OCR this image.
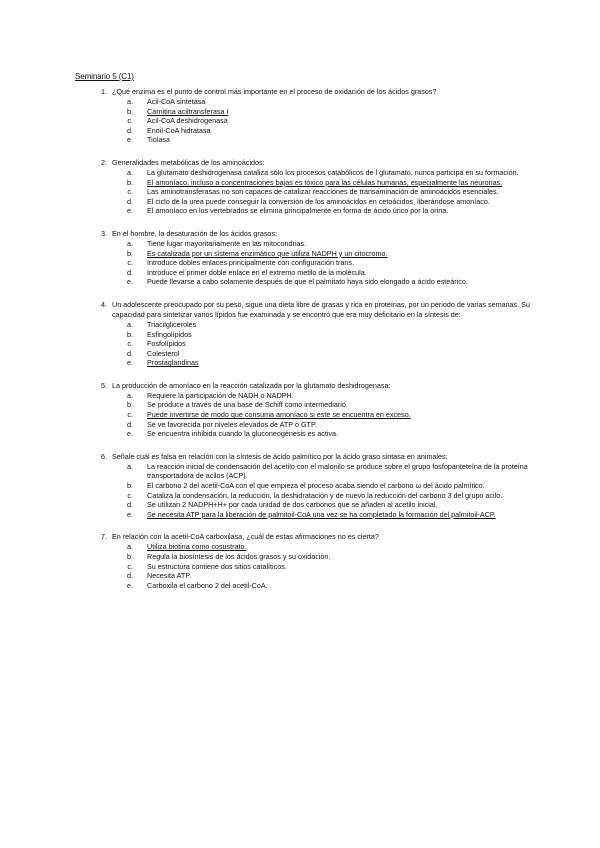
Seminario 5 (C1)
1. ¿Qué enzima es el punto de control más importante en el proceso de oxidación de los ácidos grasos?
a.	Acil-CoA sintetasa
b.	Carnitina aciltransferasa I
c.	Acil-CoA deshidrogenasa
d.	Enoil-CoA hidratasa
e.	Tiolasa
2. Generalidades metabólicas de los aminoácidos:
a.	La glutamato deshidrogenasa cataliza sólo los procesos catabólicos de l glutamato, nunca participa en su formación.
b.	El amoníaco, incluso a concentraciones bajas es tóxico para las células humanas, especialmente las neuronas.
c.	Las aminotransferasas no son capaces de catalizar reacciones de transaminación de aminoácidos esenciales.
d.	El ciclo de la urea puede conseguir la conversión de los aminoácidos en cetoácidos, liberándose amoníaco.
e.	El amoníaco en los vertebrados se elimina principalmente en forma de ácido úrico por la orina.
3. En el hombre, la desaturación de los ácidos grasos:
a.	Tiene lugar mayoritariamente en las mitocondrias.
b.	Es catalizada por un sistema enzimático que utiliza NADPH y un citocromo.
c.	Introduce dobles enlaces principalmente con configuración trans.
d.	Introduce el primer doble enlace en el extremo metilo de la molécula.
e.	Puede llevarse a cabo solamente después de que el palmitato haya sido elongado a ácido esteárico.
4. Un adolescente preocupado por su peso, sigue una dieta libre de grasas y rica en proteínas, por un periodo de varias semanas. Su capacidad para sintetizar varios lípidos fue examinada y se encontró que era muy deficitario en la síntesis de:
a.	Triacilgliceroles
b.	Esfingolípidos
c.	Fosfolípidos
d.	Colesterol
e.	Prostaglandinas
5. La producción de amoníaco en la reacción catalizada por la glutamato deshidrogenasa:
a.	Requiere la participación de NADH o NADPH.
b.	Se produce a través de una base de Schiff como intermediario.
c.	Puede invertirse de modo que consuma amoníaco si este se encuentra en exceso.
d.	Se ve favorecida por niveles elevados de ATP o GTP.
e.	Se encuentra inhibida cuando la gluconeogénesis es activa.
6. Señale cuál es falsa en relación con la síntesis de ácido palmítico por la ácido graso sintasa en animales:
a.	La reacción inicial de condensación del acetilo con el malonilo se produce sobre el grupo fosfopanteteína de la proteína transportadora de acilos (ACP).
b.	El carbono 2 del acetil-CoA con el que empieza el proceso acaba siendo el carbono ω del ácido palmítico.
c.	Cataliza la condensación, la reducción, la deshidratación y de nuevo la reducción del carbono 3 del grupo acilo.
d.	Se utilizan 2 NADPH+H+ por cada unidad de dos carbonos que se añaden al acetilo inicial.
e.	Se necesita ATP para la liberación de palmitoil-CoA una vez se ha completado la formación del palmitoil-ACP.
7. En relación con la acetil-CoA carboxilasa, ¿cuál de estas afirmaciones no es cierta?
a.	Utiliza biotina como cosustrato.
b.	Regula la biosíntesis de los ácidos grasos y su oxidación.
c.	Su estructura contiene dos sitios catalíticos.
d.	Necesita ATP.
e.	Carboxila el carbono 2 del acetil-CoA.
